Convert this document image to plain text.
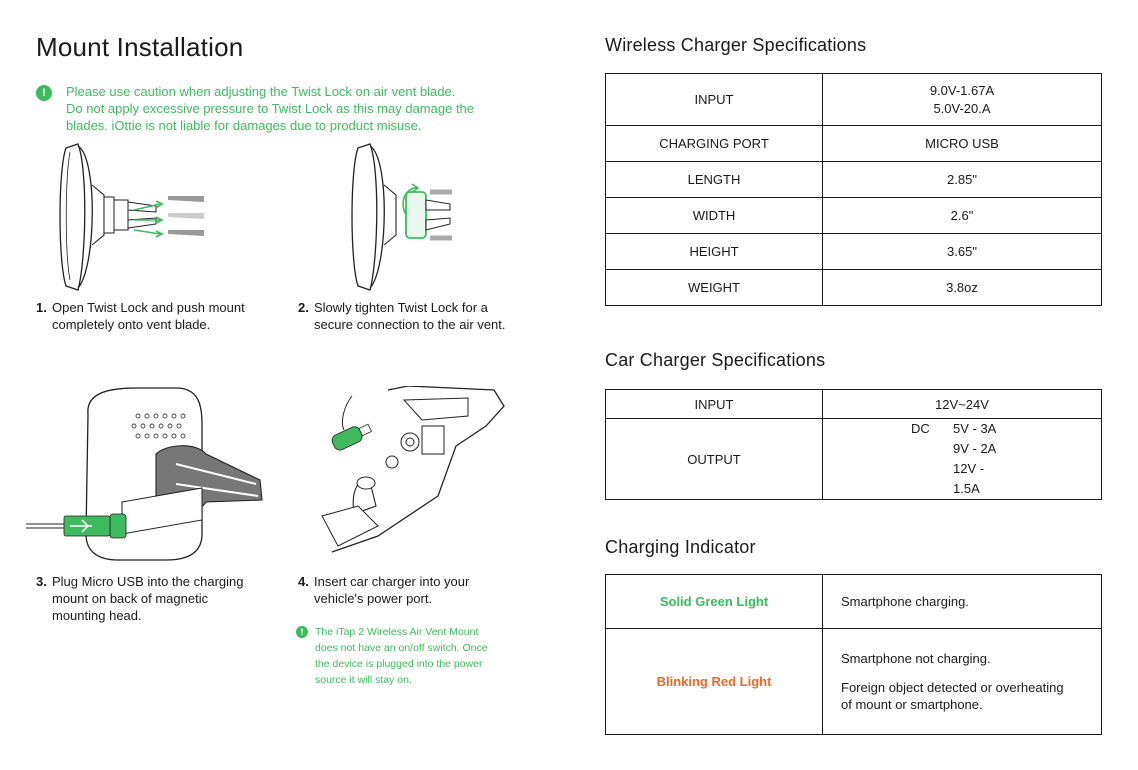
Mount Installation
!	Please use caution when adjusting the Twist Lock on air vent blade.
Do not apply excessive pressure to Twist Lock as this may damage the
blades. iOttie is not liable for damages due to product misuse.
1. Open Twist Lock and push mount
completely onto vent blade.
2. Slowly tighten Twist Lock for a
secure connection to the air vent.
3. Plug Micro USB into the charging
mount on back of magnetic
mounting head.
4. Insert car charger into your
vehicle's power port.
!	The iTap 2 Wireless Air Vent Mount
does not have an on/off switch. Once
the device is plugged into the power
source it will stay on.
Wireless Charger Specifications
INPUT	9.0V-1.67A
5.0V-20.A

CHARGING PORT	MICRO USB
LENGTH	2.85"
WIDTH	2.6"
HEIGHT	3.65"
WEIGHT	3.8oz
Car Charger Specifications
INPUT	12V~24V
OUTPUT	DC 5V - 3A
9V - 2A
12V - 1.5A
Charging Indicator
Solid Green Light	Smartphone charging.
Blinking Red Light	Smartphone not charging.
Foreign object detected or overheating
of mount or smartphone.
